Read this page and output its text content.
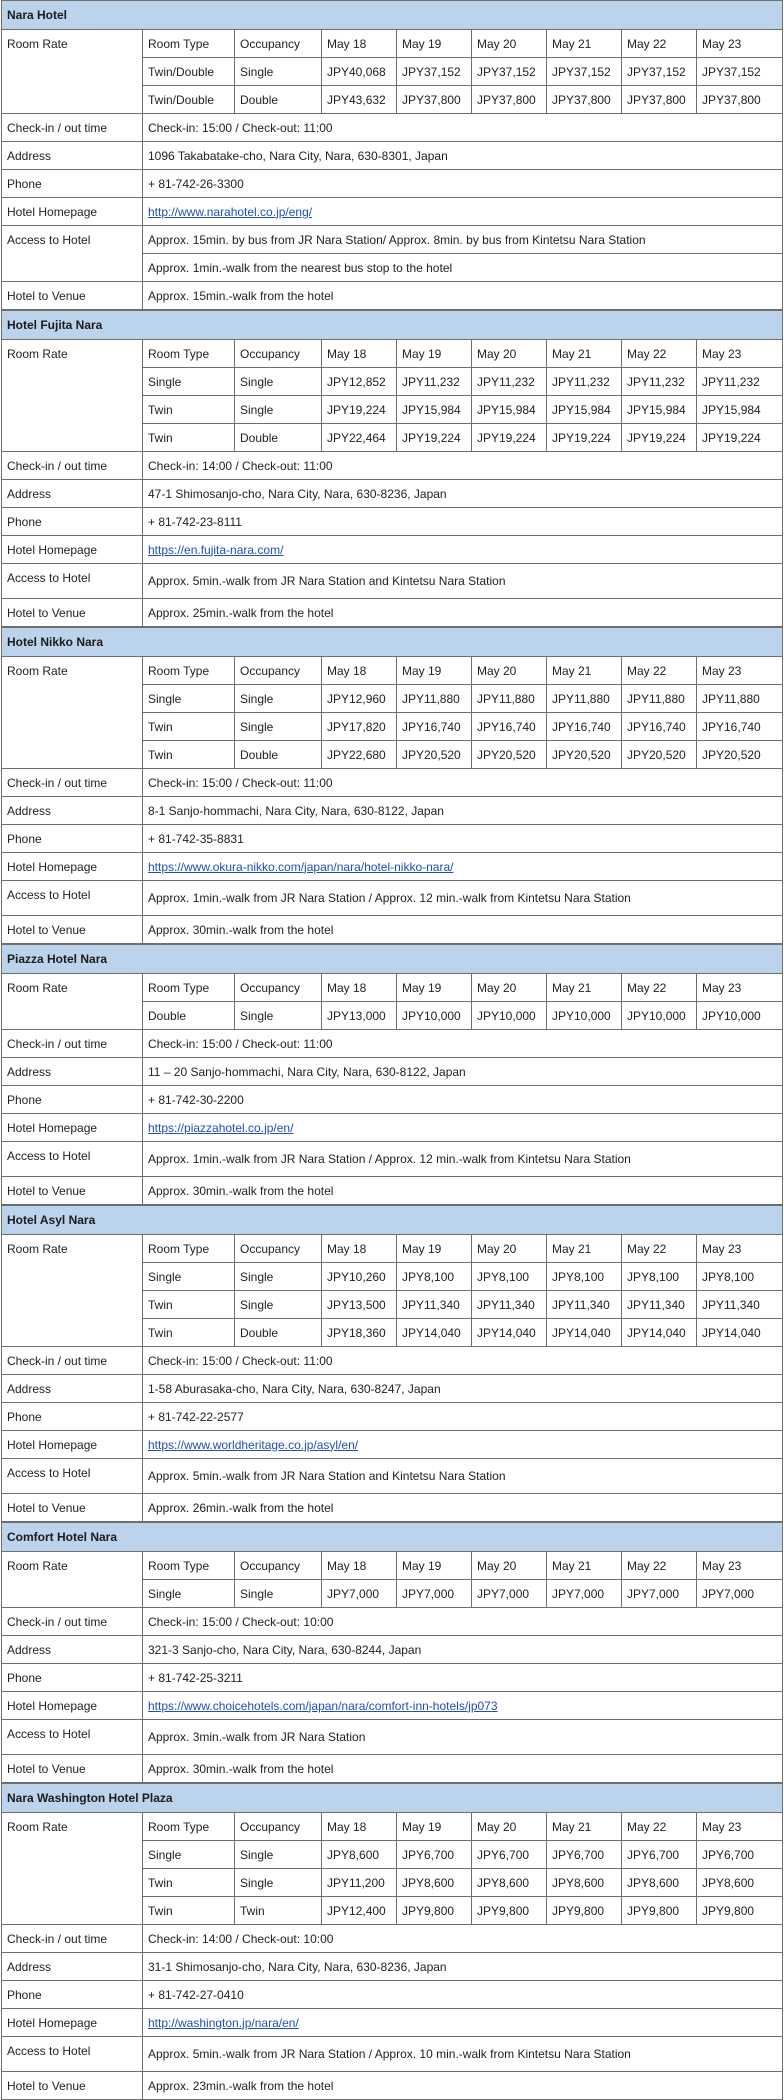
Nara Hotel								
Room Rate	Room Type	Occupancy	May 18	May 19	May 20	May 21	May 22	May 23
	Twin/Double	Single	JPY40,068	JPY37,152	JPY37,152	JPY37,152	JPY37,152	JPY37,152
	Twin/Double	Double	JPY43,632	JPY37,800	JPY37,800	JPY37,800	JPY37,800	JPY37,800
Check-in / out time	Check-in: 15:00 / Check-out: 11:00							
Address	1096 Takabatake-cho, Nara City, Nara, 630-8301, Japan							
Phone	+ 81-742-26-3300							
Hotel Homepage	http://www.narahotel.co.jp/eng/							
Access to Hotel	Approx. 15min. by bus from JR Nara Station/ Approx. 8min. by bus from Kintetsu Nara Station							
	Approx. 1min.-walk from the nearest bus stop to the hotel							
Hotel to Venue	Approx. 15min.-walk from the hotel							
Hotel Fujita Nara								
Room Rate	Room Type	Occupancy	May 18	May 19	May 20	May 21	May 22	May 23
	Single	Single	JPY12,852	JPY11,232	JPY11,232	JPY11,232	JPY11,232	JPY11,232
	Twin	Single	JPY19,224	JPY15,984	JPY15,984	JPY15,984	JPY15,984	JPY15,984
	Twin	Double	JPY22,464	JPY19,224	JPY19,224	JPY19,224	JPY19,224	JPY19,224
Check-in / out time	Check-in: 14:00 / Check-out: 11:00							
Address	47-1 Shimosanjo-cho, Nara City, Nara, 630-8236, Japan							
Phone	+ 81-742-23-8111							
Hotel Homepage	https://en.fujita-nara.com/							
Access to Hotel	Approx. 5min.-walk from JR Nara Station and Kintetsu Nara Station							
Hotel to Venue	Approx. 25min.-walk from the hotel							
Hotel Nikko Nara								
Room Rate	Room Type	Occupancy	May 18	May 19	May 20	May 21	May 22	May 23
	Single	Single	JPY12,960	JPY11,880	JPY11,880	JPY11,880	JPY11,880	JPY11,880
	Twin	Single	JPY17,820	JPY16,740	JPY16,740	JPY16,740	JPY16,740	JPY16,740
	Twin	Double	JPY22,680	JPY20,520	JPY20,520	JPY20,520	JPY20,520	JPY20,520
Check-in / out time	Check-in: 15:00 / Check-out: 11:00							
Address	8-1 Sanjo-hommachi, Nara City, Nara, 630-8122, Japan							
Phone	+ 81-742-35-8831							
Hotel Homepage	https://www.okura-nikko.com/japan/nara/hotel-nikko-nara/							
Access to Hotel	Approx. 1min.-walk from JR Nara Station / Approx. 12 min.-walk from Kintetsu Nara Station							
Hotel to Venue	Approx. 30min.-walk from the hotel							
Piazza Hotel Nara								
Room Rate	Room Type	Occupancy	May 18	May 19	May 20	May 21	May 22	May 23
	Double	Single	JPY13,000	JPY10,000	JPY10,000	JPY10,000	JPY10,000	JPY10,000
Check-in / out time	Check-in: 15:00 / Check-out: 11:00							
Address	11 – 20 Sanjo-hommachi, Nara City, Nara, 630-8122, Japan							
Phone	+ 81-742-30-2200							
Hotel Homepage	https://piazzahotel.co.jp/en/							
Access to Hotel	Approx. 1min.-walk from JR Nara Station / Approx. 12 min.-walk from Kintetsu Nara Station							
Hotel to Venue	Approx. 30min.-walk from the hotel							
Hotel Asyl Nara								
Room Rate	Room Type	Occupancy	May 18	May 19	May 20	May 21	May 22	May 23
	Single	Single	JPY10,260	JPY8,100	JPY8,100	JPY8,100	JPY8,100	JPY8,100
	Twin	Single	JPY13,500	JPY11,340	JPY11,340	JPY11,340	JPY11,340	JPY11,340
	Twin	Double	JPY18,360	JPY14,040	JPY14,040	JPY14,040	JPY14,040	JPY14,040
Check-in / out time	Check-in: 15:00 / Check-out: 11:00							
Address	1-58 Aburasaka-cho, Nara City, Nara, 630-8247, Japan							
Phone	+ 81-742-22-2577							
Hotel Homepage	https://www.worldheritage.co.jp/asyl/en/							
Access to Hotel	Approx. 5min.-walk from JR Nara Station and Kintetsu Nara Station							
Hotel to Venue	Approx. 26min.-walk from the hotel							
Comfort Hotel Nara								
Room Rate	Room Type	Occupancy	May 18	May 19	May 20	May 21	May 22	May 23
	Single	Single	JPY7,000	JPY7,000	JPY7,000	JPY7,000	JPY7,000	JPY7,000
Check-in / out time	Check-in: 15:00 / Check-out: 10:00							
Address	321-3 Sanjo-cho, Nara City, Nara, 630-8244, Japan							
Phone	+ 81-742-25-3211							
Hotel Homepage	https://www.choicehotels.com/japan/nara/comfort-inn-hotels/jp073							
Access to Hotel	Approx. 3min.-walk from JR Nara Station							
Hotel to Venue	Approx. 30min.-walk from the hotel							
Nara Washington Hotel Plaza								
Room Rate	Room Type	Occupancy	May 18	May 19	May 20	May 21	May 22	May 23
	Single	Single	JPY8,600	JPY6,700	JPY6,700	JPY6,700	JPY6,700	JPY6,700
	Twin	Single	JPY11,200	JPY8,600	JPY8,600	JPY8,600	JPY8,600	JPY8,600
	Twin	Twin	JPY12,400	JPY9,800	JPY9,800	JPY9,800	JPY9,800	JPY9,800
Check-in / out time	Check-in: 14:00 / Check-out: 10:00							
Address	31-1 Shimosanjo-cho, Nara City, Nara, 630-8236, Japan							
Phone	+ 81-742-27-0410							
Hotel Homepage	http://washington.jp/nara/en/							
Access to Hotel	Approx. 5min.-walk from JR Nara Station / Approx. 10 min.-walk from Kintetsu Nara Station							
Hotel to Venue	Approx. 23min.-walk from the hotel							
